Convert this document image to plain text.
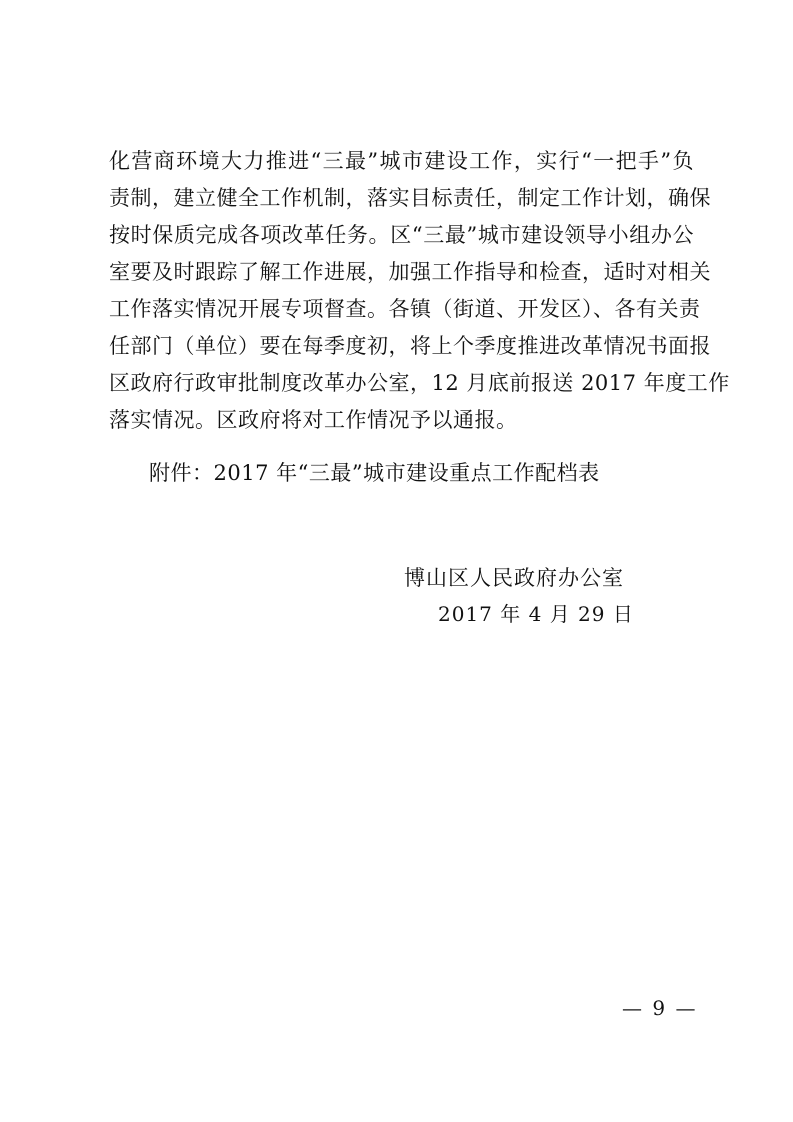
化营商环境大力推进“三最”城市建设工作，实行“一把手”负
责制，建立健全工作机制，落实目标责任，制定工作计划，确保
按时保质完成各项改革任务。区“三最”城市建设领导小组办公
室要及时跟踪了解工作进展，加强工作指导和检查，适时对相关
工作落实情况开展专项督查。各镇（街道、开发区）、各有关责
任部门（单位）要在每季度初，将上个季度推进改革情况书面报
区政府行政审批制度改革办公室，12 月底前报送 2017 年度工作
落实情况。区政府将对工作情况予以通报。
附件：2017 年“三最”城市建设重点工作配档表
博山区人民政府办公室
2017 年 4 月 29 日
— 9 —
